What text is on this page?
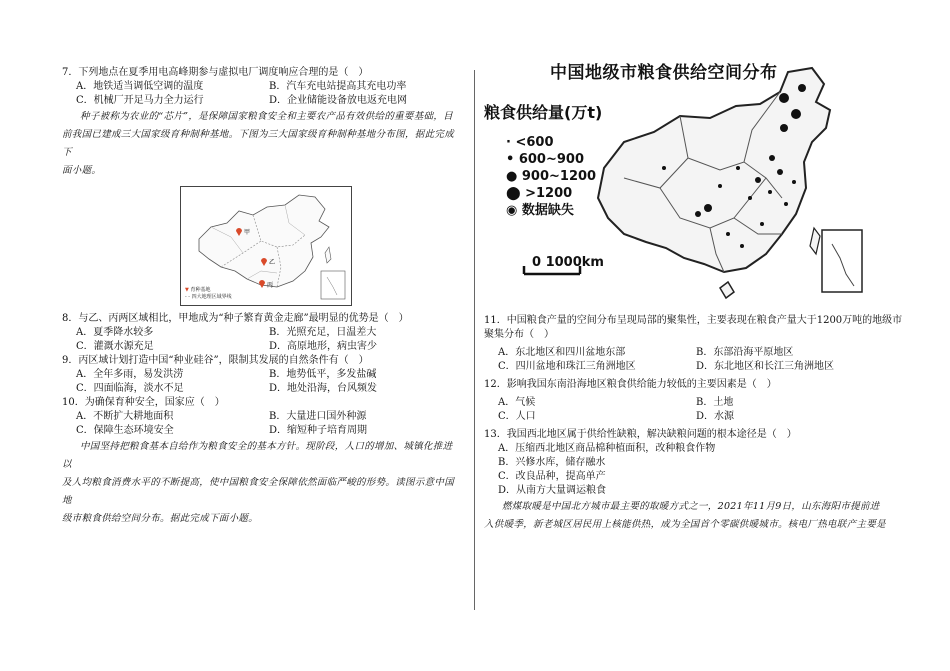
7．下列地点在夏季用电高峰期参与虚拟电厂调度响应合理的是（　）
A．地铁适当调低空调的温度	B．汽车充电站提高其充电功率
C．机械厂开足马力全力运行	D．企业储能设备放电返充电网
种子被称为农业的“芯片”，是保障国家粮食安全和主要农产品有效供给的重要基础，目
前我国已建成三大国家级育种制种基地。下图为三大国家级育种制种基地分布图，据此完成下
面小题。
甲
乙
丙
▼ 育种基地
- - 四大地理区域界线
8．与乙、丙两区域相比，甲地成为“种子繁育黄金走廊”最明显的优势是（　）
A．夏季降水较多	B．光照充足，日温差大
C．灌溉水源充足	D．高原地形，病虫害少
9．丙区域计划打造中国“种业硅谷”，限制其发展的自然条件有（　）
A．全年多雨，易发洪涝	B．地势低平，多发盐碱
C．四面临海，淡水不足	D．地处沿海，台风频发
10．为确保育种安全，国家应（　）
A．不断扩大耕地面积	B．大量进口国外种源
C．保障生态环境安全	D．缩短种子培育周期
中国坚持把粮食基本自给作为粮食安全的基本方针。现阶段，人口的增加、城镇化推进以
及人均粮食消费水平的不断提高，使中国粮食安全保障依然面临严峻的形势。读图示意中国地
级市粮食供给空间分布。据此完成下面小题。
中国地级市粮食供给空间分布
粮食供给量(万t)
· <600
• 600~900
● 900~1200
⬤ >1200
◉ 数据缺失
0 1000km
11．中国粮食产量的空间分布呈现局部的聚集性，主要表现在粮食产量大于1200万吨的地级市
聚集分布（　）
A．东北地区和四川盆地东部	B．东部沿海平原地区
C．四川盆地和珠江三角洲地区	D．东北地区和长江三角洲地区
12．影响我国东南沿海地区粮食供给能力较低的主要因素是（　）
A．气候	B．土地
C．人口	D．水源
13．我国西北地区属于供给性缺粮，解决缺粮问题的根本途径是（　）
A．压缩西北地区商品棉种植面积，改种粮食作物
B．兴修水库，储存融水
C．改良品种，提高单产
D．从南方大量调运粮食
燃煤取暖是中国北方城市最主要的取暖方式之一，2021年11月9日，山东海阳市提前进
入供暖季，新老城区居民用上核能供热，成为全国首个零碳供暖城市。核电厂热电联产主要是
